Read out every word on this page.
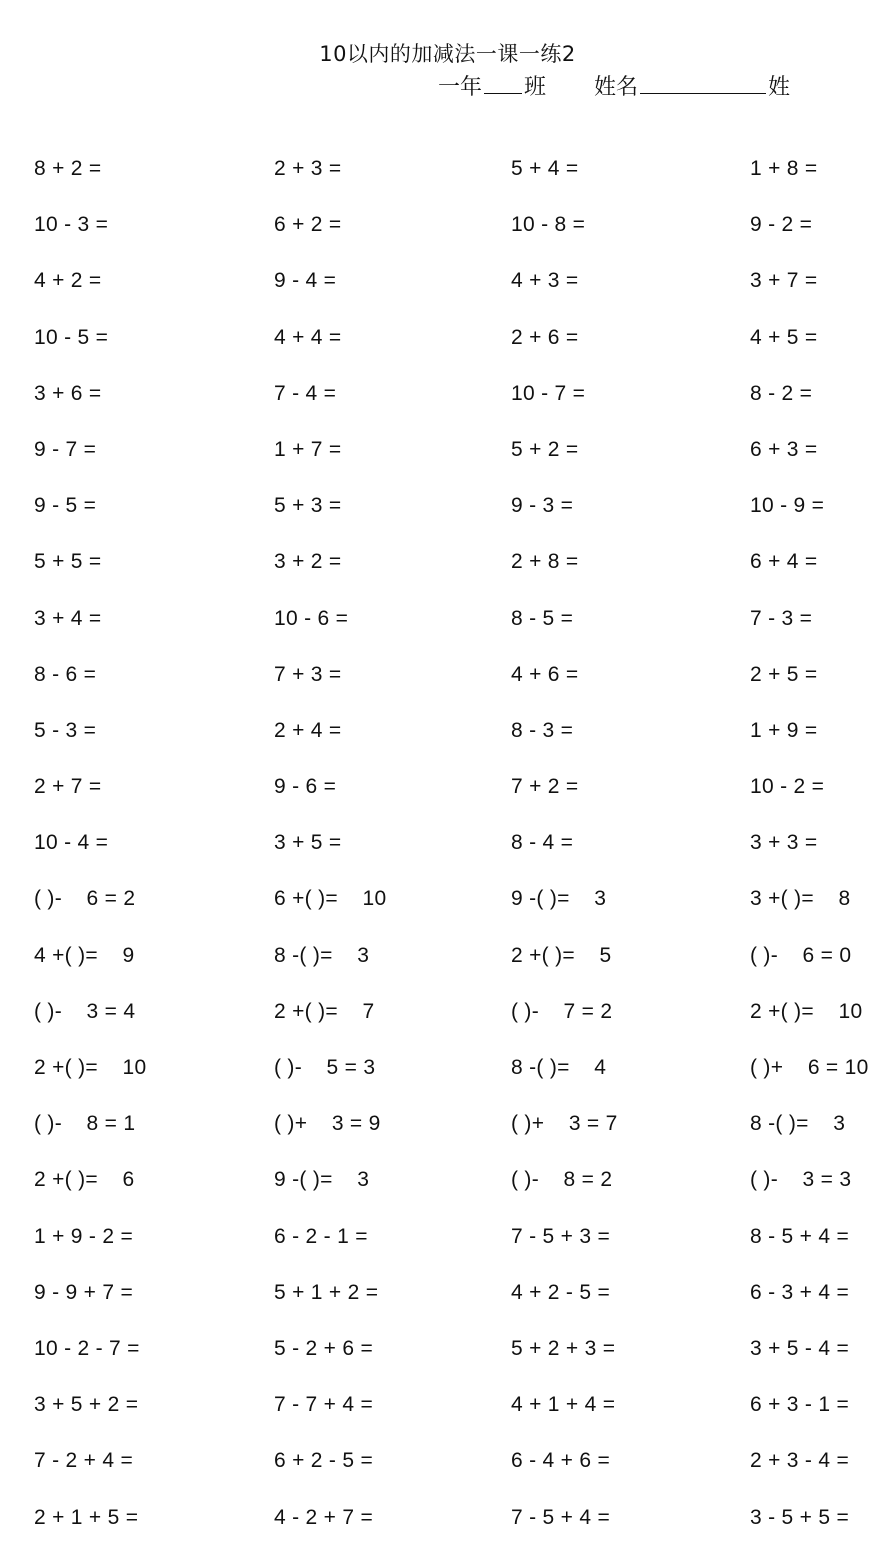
10以内的加减法一课一练2
一年 班 姓名	姓
8 + 2 =	2 + 3 =	5 + 4 =	1 + 8 =
10 - 3 =	6 + 2 =	10 - 8 =	9 - 2 =
4 + 2 =	9 - 4 =	4 + 3 =	3 + 7 =
10 - 5 =	4 + 4 =	2 + 6 =	4 + 5 =
3 + 6 =	7 - 4 =	10 - 7 =	8 - 2 =
9 - 7 =	1 + 7 =	5 + 2 =	6 + 3 =
9 - 5 =	5 + 3 =	9 - 3 =	10 - 9 =
5 + 5 =	3 + 2 =	2 + 8 =	6 + 4 =
3 + 4 =	10 - 6 =	8 - 5 =	7 - 3 =
8 - 6 =	7 + 3 =	4 + 6 =	2 + 5 =
5 - 3 =	2 + 4 =	8 - 3 =	1 + 9 =
2 + 7 =	9 - 6 =	7 + 2 =	10 - 2 =
10 - 4 =	3 + 5 =	8 - 4 =	3 + 3 =
( )-    6 = 2	6 +( )=    10	9 -( )=    3	3 +( )=    8
4 +( )=    9	8 -( )=    3	2 +( )=    5	( )-    6 = 0
( )-    3 = 4	2 +( )=    7	( )-    7 = 2	2 +( )=    10
2 +( )=    10	( )-    5 = 3	8 -( )=    4	( )+    6 = 10
( )-    8 = 1	( )+    3 = 9	( )+    3 = 7	8 -( )=    3
2 +( )=    6	9 -( )=    3	( )-    8 = 2	( )-    3 = 3
1 + 9 - 2 =	6 - 2 - 1 =	7 - 5 + 3 =	8 - 5 + 4 =
9 - 9 + 7 =	5 + 1 + 2 =	4 + 2 - 5 =	6 - 3 + 4 =
10 - 2 - 7 =	5 - 2 + 6 =	5 + 2 + 3 =	3 + 5 - 4 =
3 + 5 + 2 =	7 - 7 + 4 =	4 + 1 + 4 =	6 + 3 - 1 =
7 - 2 + 4 =	6 + 2 - 5 =	6 - 4 + 6 =	2 + 3 - 4 =
2 + 1 + 5 =	4 - 2 + 7 =	7 - 5 + 4 =	3 - 5 + 5 =
